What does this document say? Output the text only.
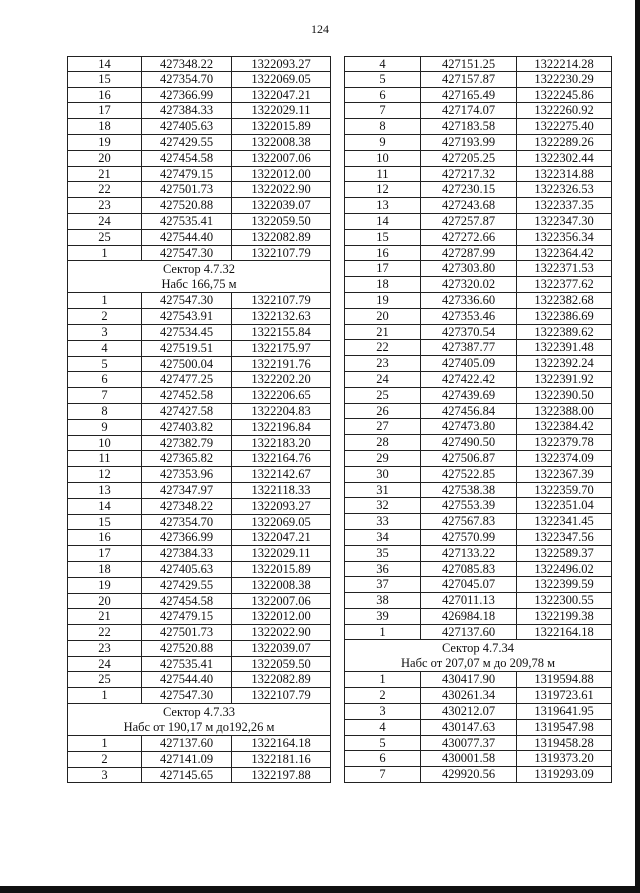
124
14	427348.22	1322093.27
15	427354.70	1322069.05
16	427366.99	1322047.21
17	427384.33	1322029.11
18	427405.63	1322015.89
19	427429.55	1322008.38
20	427454.58	1322007.06
21	427479.15	1322012.00
22	427501.73	1322022.90
23	427520.88	1322039.07
24	427535.41	1322059.50
25	427544.40	1322082.89
1	427547.30	1322107.79
Сектор 4.7.32
Набс 166,75 м
1	427547.30	1322107.79
2	427543.91	1322132.63
3	427534.45	1322155.84
4	427519.51	1322175.97
5	427500.04	1322191.76
6	427477.25	1322202.20
7	427452.58	1322206.65
8	427427.58	1322204.83
9	427403.82	1322196.84
10	427382.79	1322183.20
11	427365.82	1322164.76
12	427353.96	1322142.67
13	427347.97	1322118.33
14	427348.22	1322093.27
15	427354.70	1322069.05
16	427366.99	1322047.21
17	427384.33	1322029.11
18	427405.63	1322015.89
19	427429.55	1322008.38
20	427454.58	1322007.06
21	427479.15	1322012.00
22	427501.73	1322022.90
23	427520.88	1322039.07
24	427535.41	1322059.50
25	427544.40	1322082.89
1	427547.30	1322107.79
Сектор 4.7.33
Набс от 190,17 м до192,26 м
1	427137.60	1322164.18
2	427141.09	1322181.16
3	427145.65	1322197.88
4	427151.25	1322214.28
5	427157.87	1322230.29
6	427165.49	1322245.86
7	427174.07	1322260.92
8	427183.58	1322275.40
9	427193.99	1322289.26
10	427205.25	1322302.44
11	427217.32	1322314.88
12	427230.15	1322326.53
13	427243.68	1322337.35
14	427257.87	1322347.30
15	427272.66	1322356.34
16	427287.99	1322364.42
17	427303.80	1322371.53
18	427320.02	1322377.62
19	427336.60	1322382.68
20	427353.46	1322386.69
21	427370.54	1322389.62
22	427387.77	1322391.48
23	427405.09	1322392.24
24	427422.42	1322391.92
25	427439.69	1322390.50
26	427456.84	1322388.00
27	427473.80	1322384.42
28	427490.50	1322379.78
29	427506.87	1322374.09
30	427522.85	1322367.39
31	427538.38	1322359.70
32	427553.39	1322351.04
33	427567.83	1322341.45
34	427570.99	1322347.56
35	427133.22	1322589.37
36	427085.83	1322496.02
37	427045.07	1322399.59
38	427011.13	1322300.55
39	426984.18	1322199.38
1	427137.60	1322164.18
Сектор 4.7.34
Набс от 207,07 м до 209,78 м
1	430417.90	1319594.88
2	430261.34	1319723.61
3	430212.07	1319641.95
4	430147.63	1319547.98
5	430077.37	1319458.28
6	430001.58	1319373.20
7	429920.56	1319293.09
